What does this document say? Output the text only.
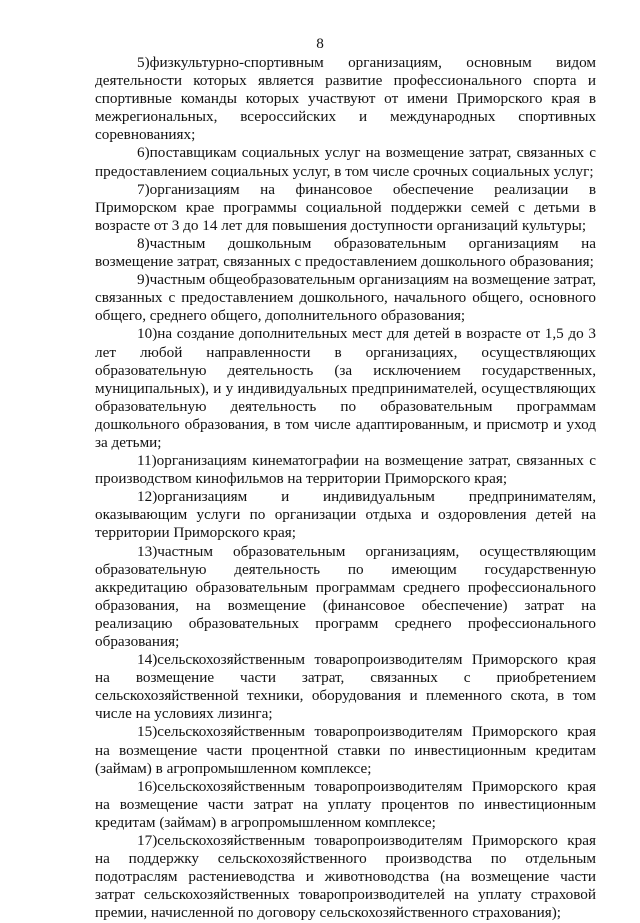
8

5)физкультурно-спортивным организациям, основным видом деятельности которых является развитие профессионального спорта и спортивные команды которых участвуют от имени Приморского края в межрегиональных, всероссийских и международных спортивных соревнованиях;

6)поставщикам социальных услуг на возмещение затрат, связанных с предоставлением социальных услуг, в том числе срочных социальных услуг;

7)организациям на финансовое обеспечение реализации в Приморском крае программы социальной поддержки семей с детьми в возрасте от 3 до 14 лет для повышения доступности организаций культуры;

8)частным дошкольным образовательным организациям на возмещение затрат, связанных с предоставлением дошкольного образования;

9)частным общеобразовательным организациям на возмещение затрат, связанных с предоставлением дошкольного, начального общего, основного общего, среднего общего, дополнительного образования;

10)на создание дополнительных мест для детей в возрасте от 1,5 до 3 лет любой направленности в организациях, осуществляющих образовательную деятельность (за исключением государственных, муниципальных), и у индивидуальных предпринимателей, осуществляющих образовательную деятельность по образовательным программам дошкольного образования, в том числе адаптированным, и присмотр и уход за детьми;

11)организациям кинематографии на возмещение затрат, связанных с производством кинофильмов на территории Приморского края;

12)организациям и индивидуальным предпринимателям, оказывающим услуги по организации отдыха и оздоровления детей на территории Приморского края;

13)частным образовательным организациям, осуществляющим образовательную деятельность по имеющим государственную аккредитацию образовательным программам среднего профессионального образования, на возмещение (финансовое обеспечение) затрат на реализацию образовательных программ среднего профессионального образования;

14)сельскохозяйственным товаропроизводителям Приморского края на возмещение части затрат, связанных с приобретением сельскохозяйственной техники, оборудования и племенного скота, в том числе на условиях лизинга;

15)сельскохозяйственным товаропроизводителям Приморского края на возмещение части процентной ставки по инвестиционным кредитам (займам) в агропромышленном комплексе;

16)сельскохозяйственным товаропроизводителям Приморского края на возмещение части затрат на уплату процентов по инвестиционным кредитам (займам) в агропромышленном комплексе;

17)сельскохозяйственным товаропроизводителям Приморского края на поддержку сельскохозяйственного производства по отдельным подотраслям растениеводства и животноводства (на возмещение части затрат сельскохозяйственных товаропроизводителей на уплату страховой премии, начисленной по договору сельскохозяйственного страхования);
